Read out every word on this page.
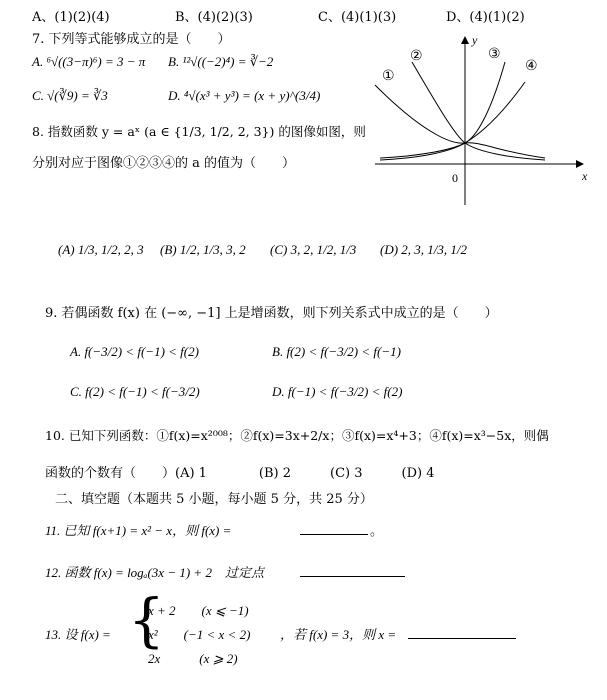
A、(1)(2)(4)	B、(4)(2)(3)	C、(4)(1)(3)	D、(4)(1)(2)
7. 下列等式能够成立的是（　　）
A. ⁶√((3−π)⁶) = 3 − π B. ¹²√((−2)⁴) = ∛−2
C. √(∛9) = ∛3	D. ⁴√(x³ + y³) = (x + y)^(3/4)
8. 指数函数 y = aˣ (a ∈ {1/3, 1/2, 2, 3}) 的图像如图，则
分别对应于图像①②③④的 a 的值为（　　）
(A) 1/3, 1/2, 2, 3 (B) 1/2, 1/3, 3, 2 (C) 3, 2, 1/2, 1/3 (D) 2, 3, 1/3, 1/2
y
x
0
①
②	③
④
9. 若偶函数 f(x) 在 (−∞, −1] 上是增函数，则下列关系式中成立的是（　　）
A. f(−3/2) < f(−1) < f(2)	B. f(2) < f(−3/2) < f(−1)
C. f(2) < f(−1) < f(−3/2)	D. f(−1) < f(−3/2) < f(2)
10. 已知下列函数：①f(x)=x²⁰⁰⁸；②f(x)=3x+2/x；③f(x)=x⁴+3；④f(x)=x³−5x，则偶
函数的个数有（　　）(A) 1　　　　(B) 2　　　(C) 3　　　(D) 4
二、填空题（本题共 5 小题，每小题 5 分，共 25 分）
11. 已知 f(x+1) = x² − x，则 f(x) =	。
12. 函数 f(x) = logₐ(3x − 1) + 2　过定点
13. 设 f(x) = {
x + 2　　(x ⩽ −1)
x²　　(−1 < x < 2)
2x　　　(x ⩾ 2)
，若 f(x) = 3，则 x =
